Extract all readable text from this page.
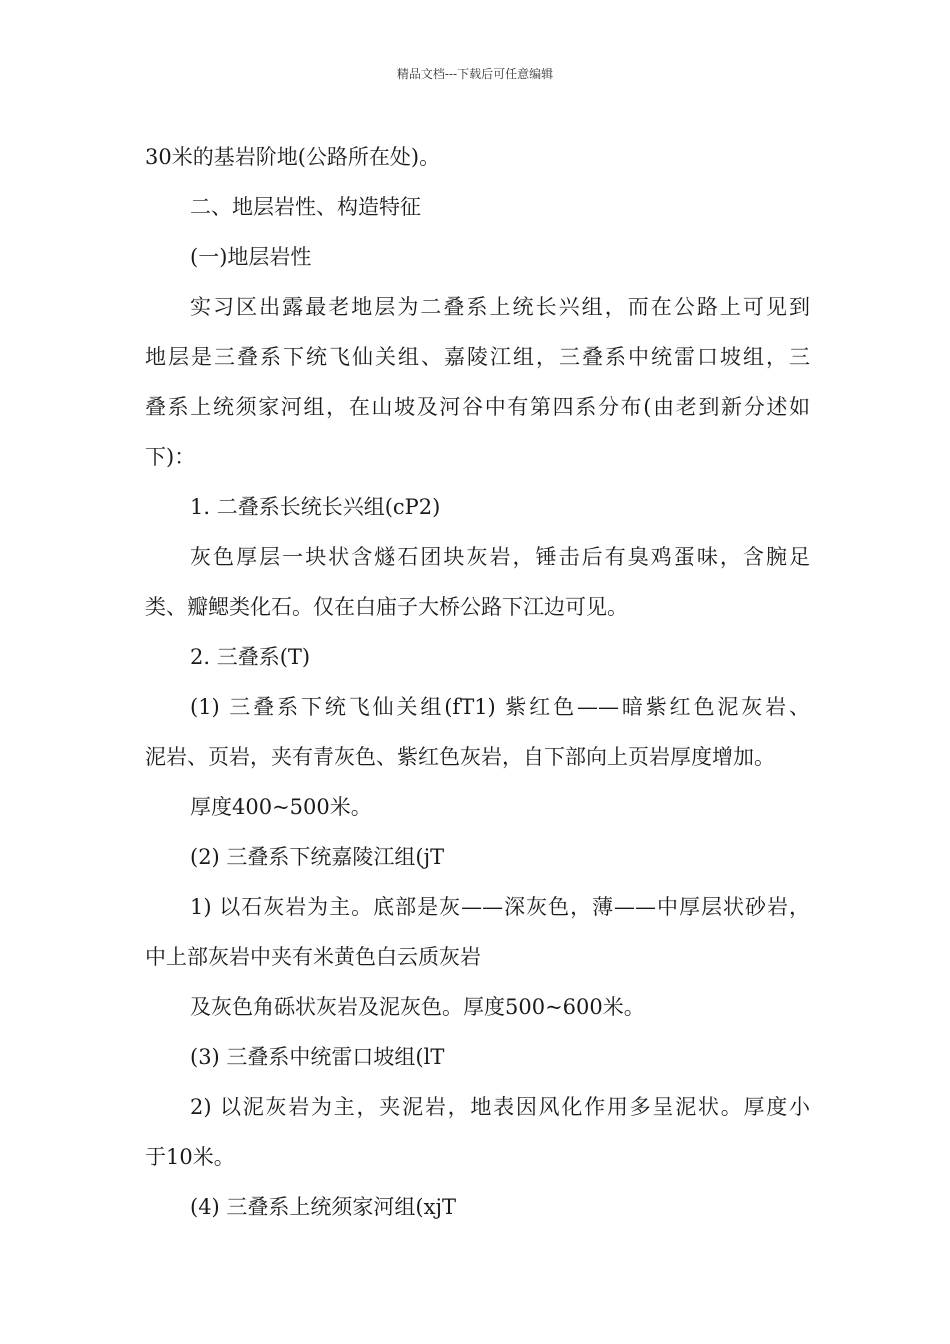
精品文档---下载后可任意编辑
30米的基岩阶地(公路所在处)。
二、地层岩性、构造特征
(一)地层岩性
实习区出露最老地层为二叠系上统长兴组，而在公路上可见到
地层是三叠系下统飞仙关组、嘉陵江组，三叠系中统雷口坡组，三
叠系上统须家河组，在山坡及河谷中有第四系分布(由老到新分述如
下)：
1. 二叠系长统长兴组(cP2)
灰色厚层一块状含燧石团块灰岩，锤击后有臭鸡蛋味，含腕足
类、瓣鳃类化石。仅在白庙子大桥公路下江边可见。
2. 三叠系(T)
(1) 三叠系下统飞仙关组(fT1) 紫红色——暗紫红色泥灰岩、
泥岩、页岩，夹有青灰色、紫红色灰岩，自下部向上页岩厚度增加。
厚度400~500米。
(2) 三叠系下统嘉陵江组(jT
1) 以石灰岩为主。底部是灰——深灰色，薄——中厚层状砂岩，
中上部灰岩中夹有米黄色白云质灰岩
及灰色角砾状灰岩及泥灰色。厚度500~600米。
(3) 三叠系中统雷口坡组(lT
2) 以泥灰岩为主，夹泥岩，地表因风化作用多呈泥状。厚度小
于10米。
(4) 三叠系上统须家河组(xjT
